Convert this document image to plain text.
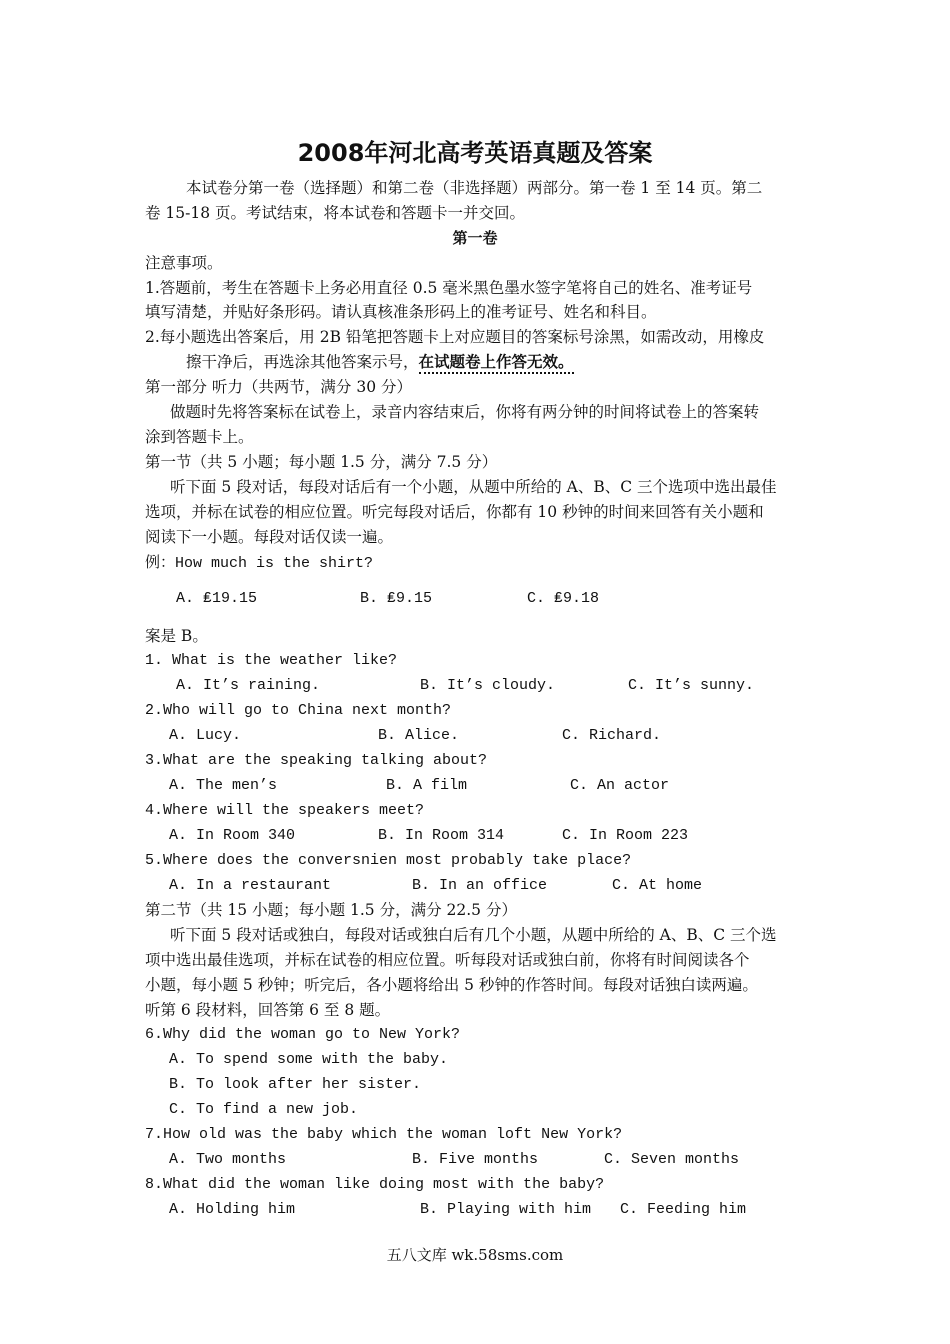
2008年河北高考英语真题及答案
本试卷分第一卷（选择题）和第二卷（非选择题）两部分。第一卷 1 至 14 页。第二
卷 15-18 页。考试结束，将本试卷和答题卡一并交回。
第一卷
注意事项。
1.答题前，考生在答题卡上务必用直径 0.5 毫米黑色墨水签字笔将自己的姓名、准考证号
填写清楚，并贴好条形码。请认真核准条形码上的准考证号、姓名和科目。
2.每小题选出答案后，用 2B 铅笔把答题卡上对应题目的答案标号涂黑，如需改动，用橡皮
擦干净后，再选涂其他答案示号，在试题卷上作答无效。
第一部分 听力（共两节，满分 30 分）
做题时先将答案标在试卷上，录音内容结束后，你将有两分钟的时间将试卷上的答案转
涂到答题卡上。
第一节（共 5 小题；每小题 1.5 分，满分 7.5 分）
听下面 5 段对话，每段对话后有一个小题，从题中所给的 A、B、C 三个选项中选出最佳
选项，并标在试卷的相应位置。听完每段对话后，你都有 10 秒钟的时间来回答有关小题和
阅读下一小题。每段对话仅读一遍。
例：How much is the shirt?
A. ₤19.15	B. ₤9.15	C. ₤9.18
案是 B。
1. What is the weather like?
A. It’s raining.	B. It’s cloudy.	C. It’s sunny.
2.Who will go to China next month?
A. Lucy.	B. Alice.	C. Richard.
3.What are the speaking talking about?
A. The men’s	B. A film	C. An actor
4.Where will the speakers meet?
A. In Room 340	B. In Room 314	C. In Room 223
5.Where does the conversnien most probably take place?
A. In a restaurant	B. In an office	C. At home
第二节（共 15 小题；每小题 1.5 分，满分 22.5 分）
听下面 5 段对话或独白，每段对话或独白后有几个小题，从题中所给的 A、B、C 三个选
项中选出最佳选项，并标在试卷的相应位置。听每段对话或独白前，你将有时间阅读各个
小题，每小题 5 秒钟；听完后，各小题将给出 5 秒钟的作答时间。每段对话独白读两遍。
听第 6 段材料，回答第 6 至 8 题。
6.Why did the woman go to New York?
A. To spend some with the baby.
B. To look after her sister.
C. To find a new job.
7.How old was the baby which the woman loft New York?
A. Two months	B. Five months	C. Seven months
8.What did the woman like doing most with the baby?
A. Holding him	B. Playing with him C. Feeding him
五八文库 wk.58sms.com
